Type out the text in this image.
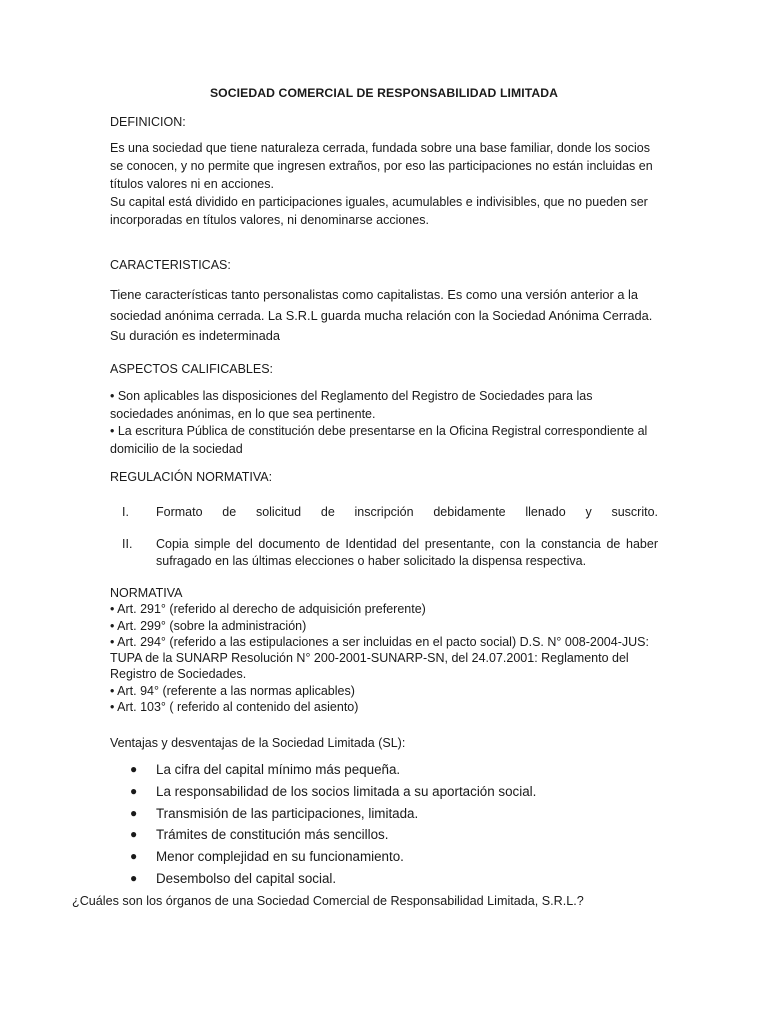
SOCIEDAD COMERCIAL DE RESPONSABILIDAD LIMITADA
DEFINICION:

Es una sociedad que tiene naturaleza cerrada, fundada sobre una base familiar, donde los socios se conocen, y no permite que ingresen extraños, por eso las participaciones no están incluidas en títulos valores ni en acciones.

Su capital está dividido en participaciones iguales, acumulables e indivisibles, que no pueden ser incorporadas en títulos valores, ni denominarse acciones.

CARACTERISTICAS:
Tiene características tanto personalistas como capitalistas. Es como una versión anterior a la sociedad anónima cerrada. La S.R.L guarda mucha relación con la Sociedad Anónima Cerrada. Su duración es indeterminada
ASPECTOS CALIFICABLES:

• Son aplicables las disposiciones del Reglamento del Registro de Sociedades para las sociedades anónimas, en lo que sea pertinente.

• La escritura Pública de constitución debe presentarse en la Oficina Registral correspondiente al domicilio de la sociedad

REGULACIÓN NORMATIVA:
I.	Formato de solicitud de inscripción debidamente llenado y suscrito.
II.	Copia simple del documento de Identidad del presentante, con la constancia de haber sufragado en las últimas elecciones o haber solicitado la dispensa respectiva.

NORMATIVA

• Art. 291° (referido al derecho de adquisición preferente)

• Art. 299° (sobre la administración)

• Art. 294° (referido a las estipulaciones a ser incluidas en el pacto social) D.S. N° 008-2004-JUS: TUPA de la SUNARP Resolución N° 200-2001-SUNARP-SN, del 24.07.2001: Reglamento del Registro de Sociedades.

• Art. 94° (referente a las normas aplicables)

• Art. 103° ( referido al contenido del asiento)

Ventajas y desventajas de la Sociedad Limitada (SL):
● La cifra del capital mínimo más pequeña.
● La responsabilidad de los socios limitada a su aportación social.
● Transmisión de las participaciones, limitada.
● Trámites de constitución más sencillos.
● Menor complejidad en su funcionamiento.
● Desembolso del capital social.
¿Cuáles son los órganos de una Sociedad Comercial de Responsabilidad Limitada, S.R.L.?
